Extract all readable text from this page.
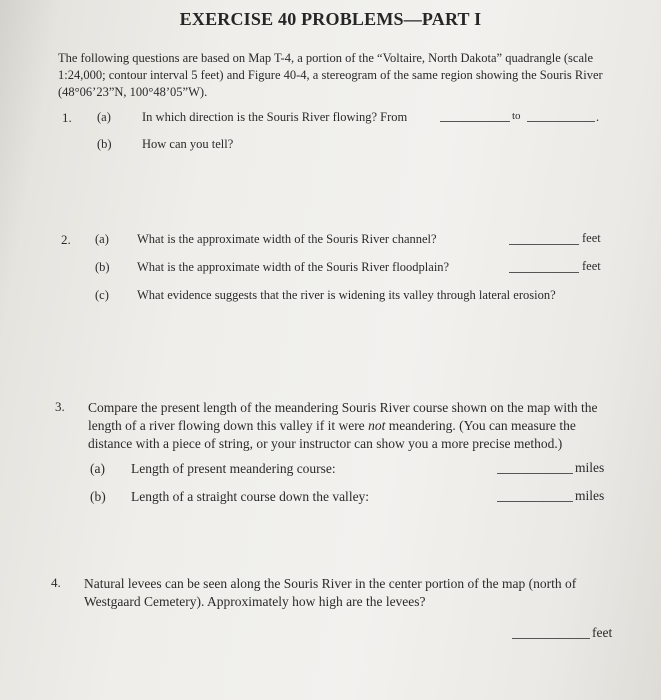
EXERCISE 40 PROBLEMS—PART I
The following questions are based on Map T-4, a portion of the “Voltaire, North Dakota” quadrangle (scale 1:24,000; contour interval 5 feet) and Figure 40-4, a stereogram of the same region showing the Souris River (48°06’23”N, 100°48’05”W).
1. (a) In which direction is the Souris River flowing? From	to	.
(b) How can you tell?
2. (a) What is the approximate width of the Souris River channel?	feet
(b) What is the approximate width of the Souris River floodplain?	feet
(c) What evidence suggests that the river is widening its valley through lateral erosion?
3. Compare the present length of the meandering Souris River course shown on the map with the length of a river flowing down this valley if it were not meandering. (You can measure the distance with a piece of string, or your instructor can show you a more precise method.)
(a) Length of present meandering course:	miles
(b) Length of a straight course down the valley:	miles
4. Natural levees can be seen along the Souris River in the center portion of the map (north of Westgaard Cemetery). Approximately how high are the levees?
feet
